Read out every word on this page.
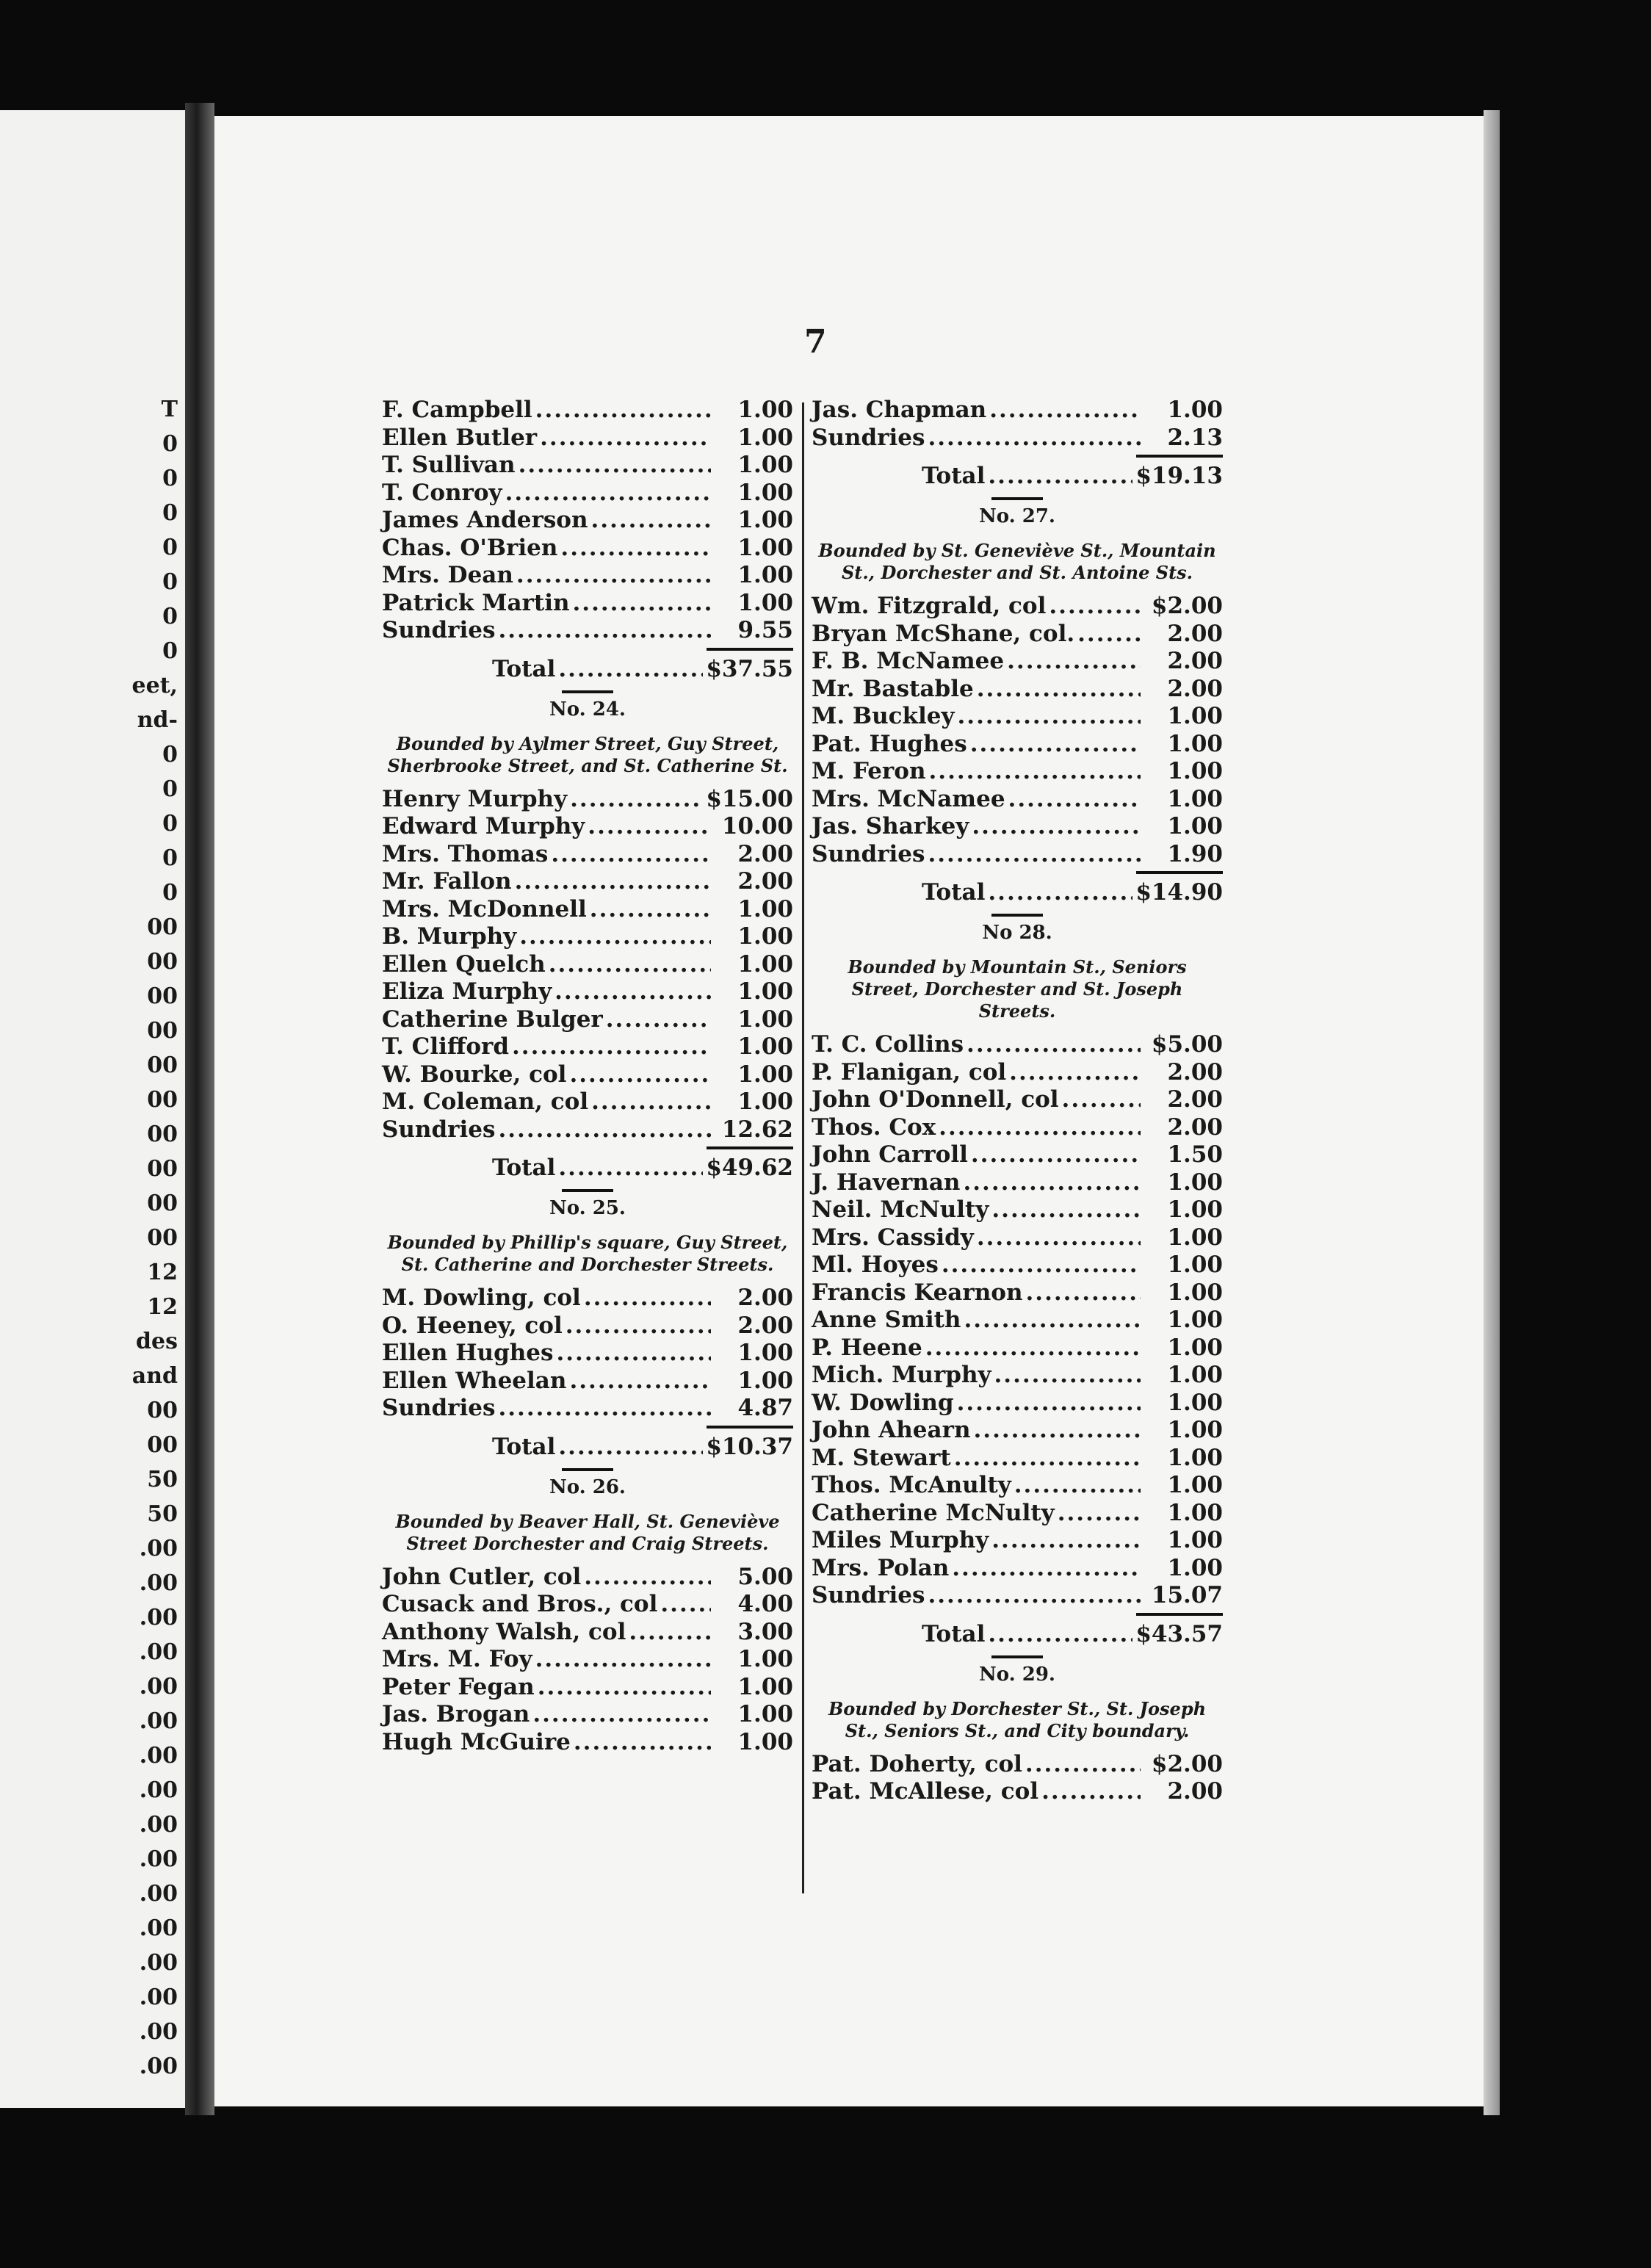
T
0
0
0
0
0
0
0
eet,
nd-
0
0
0
0
0
00
00
00
00
00
00
00
00
00
00
12
12
des
and
00
00
50
50
.00
.00
.00
.00
.00
.00
.00
.00
.00
.00
.00
.00
.00
.00
.00
.00
7
F. Campbell .....	1.00
Ellen Butler .....	1.00
T. Sullivan .....	1.00
T. Conroy .....	1.00
James Anderson .....	1.00
Chas. O'Brien .....	1.00
Mrs. Dean .....	1.00
Patrick Martin .....	1.00
Sundries .....	9.55
Total .....	$37.55
No. 24.
Bounded by Aylmer Street, Guy Street, Sherbrooke Street, and St. Catherine St.
Henry Murphy .....	$15.00
Edward Murphy .....	10.00
Mrs. Thomas .....	2.00
Mr. Fallon .....	2.00
Mrs. McDonnell .....	1.00
B. Murphy .....	1.00
Ellen Quelch .....	1.00
Eliza Murphy .....	1.00
Catherine Bulger .....	1.00
T. Clifford .....	1.00
W. Bourke, col .....	1.00
M. Coleman, col .....	1.00
Sundries .....	12.62
Total .....	$49.62
No. 25.
Bounded by Phillip's square, Guy Street, St. Catherine and Dorchester Streets.
M. Dowling, col .....	2.00
O. Heeney, col .....	2.00
Ellen Hughes .....	1.00
Ellen Wheelan .....	1.00
Sundries .....	4.87
Total .....	$10.37
No. 26.
Bounded by Beaver Hall, St. Geneviève Street Dorchester and Craig Streets.
John Cutler, col .....	5.00
Cusack and Bros., col .....	4.00
Anthony Walsh, col .....	3.00
Mrs. M. Foy .....	1.00
Peter Fegan .....	1.00
Jas. Brogan .....	1.00
Hugh McGuire .....	1.00
Jas. Chapman .....	1.00
Sundries .....	2.13
Total .....	$19.13
No. 27.
Bounded by St. Geneviève St., Mountain St., Dorchester and St. Antoine Sts.
Wm. Fitzgrald, col .....	$2.00
Bryan McShane, col. .....	2.00
F. B. McNamee .....	2.00
Mr. Bastable .....	2.00
M. Buckley .....	1.00
Pat. Hughes .....	1.00
M. Feron .....	1.00
Mrs. McNamee .....	1.00
Jas. Sharkey .....	1.00
Sundries .....	1.90
Total .....	$14.90
No 28.
Bounded by Mountain St., Seniors Street, Dorchester and St. Joseph Streets.
T. C. Collins .....	$5.00
P. Flanigan, col .....	2.00
John O'Donnell, col .....	2.00
Thos. Cox .....	2.00
John Carroll .....	1.50
J. Havernan .....	1.00
Neil. McNulty .....	1.00
Mrs. Cassidy .....	1.00
Ml. Hoyes .....	1.00
Francis Kearnon .....	1.00
Anne Smith .....	1.00
P. Heene .....	1.00
Mich. Murphy .....	1.00
W. Dowling .....	1.00
John Ahearn .....	1.00
M. Stewart .....	1.00
Thos. McAnulty .....	1.00
Catherine McNulty .....	1.00
Miles Murphy .....	1.00
Mrs. Polan .....	1.00
Sundries .....	15.07
Total .....	$43.57
No. 29.
Bounded by Dorchester St., St. Joseph St., Seniors St., and City boundary.
Pat. Doherty, col .....	$2.00
Pat. McAllese, col .....	2.00
